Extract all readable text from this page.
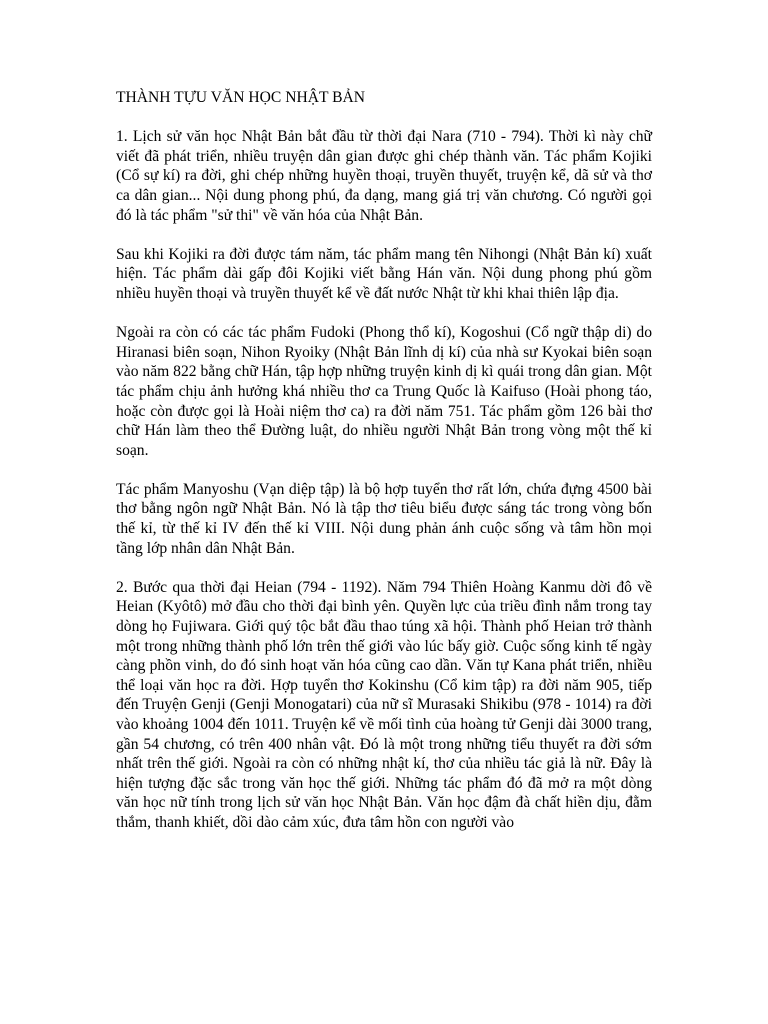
THÀNH TỰU VĂN HỌC NHẬT BẢN

1. Lịch sử văn học Nhật Bản bắt đầu từ thời đại Nara (710 - 794). Thời kì này chữ viết đã phát triển, nhiều truyện dân gian được ghi chép thành văn. Tác phẩm Kojiki (Cổ sự kí) ra đời, ghi chép những huyền thoại, truyền thuyết, truyện kể, dã sử và thơ ca dân gian... Nội dung phong phú, đa dạng, mang giá trị văn chương. Có người gọi đó là tác phẩm "sử thi" về văn hóa của Nhật Bản.

Sau khi Kojiki ra đời được tám năm, tác phẩm mang tên Nihongi (Nhật Bản kí) xuất hiện. Tác phẩm dài gấp đôi Kojiki viết bằng Hán văn. Nội dung phong phú gồm nhiều huyền thoại và truyền thuyết kể về đất nước Nhật từ khi khai thiên lập địa.

Ngoài ra còn có các tác phẩm Fudoki (Phong thổ kí), Kogoshui (Cổ ngữ thập di) do Hiranasi biên soạn, Nihon Ryoiky (Nhật Bản lĩnh dị kí) của nhà sư Kyokai biên soạn vào năm 822 bằng chữ Hán, tập hợp những truyện kinh dị kì quái trong dân gian. Một tác phẩm chịu ảnh hưởng khá nhiều thơ ca Trung Quốc là Kaifuso (Hoài phong táo, hoặc còn được gọi là Hoài niệm thơ ca) ra đời năm 751. Tác phẩm gồm 126 bài thơ chữ Hán làm theo thể Đường luật, do nhiều người Nhật Bản trong vòng một thế kỉ soạn.

Tác phẩm Manyoshu (Vạn diệp tập) là bộ hợp tuyển thơ rất lớn, chứa đựng 4500 bài thơ bằng ngôn ngữ Nhật Bản. Nó là tập thơ tiêu biểu được sáng tác trong vòng bốn thế kỉ, từ thế kỉ IV đến thế kỉ VIII. Nội dung phản ánh cuộc sống và tâm hồn mọi tầng lớp nhân dân Nhật Bản.

2. Bước qua thời đại Heian (794 - 1192). Năm 794 Thiên Hoàng Kanmu dời đô về Heian (Kyôtô) mở đầu cho thời đại bình yên. Quyền lực của triều đình nắm trong tay dòng họ Fujiwara. Giới quý tộc bắt đầu thao túng xã hội. Thành phố Heian trở thành một trong những thành phố lớn trên thế giới vào lúc bấy giờ. Cuộc sống kinh tế ngày càng phồn vinh, do đó sinh hoạt văn hóa cũng cao dần. Văn tự Kana phát triển, nhiều thể loại văn học ra đời. Hợp tuyển thơ Kokinshu (Cổ kim tập) ra đời năm 905, tiếp đến Truyện Genji (Genji Monogatari) của nữ sĩ Murasaki Shikibu (978 - 1014) ra đời vào khoảng 1004 đến 1011. Truyện kể về mối tình của hoàng tử Genji dài 3000 trang, gần 54 chương, có trên 400 nhân vật. Đó là một trong những tiểu thuyết ra đời sớm nhất trên thế giới. Ngoài ra còn có những nhật kí, thơ của nhiều tác giả là nữ. Đây là hiện tượng đặc sắc trong văn học thế giới. Những tác phẩm đó đã mở ra một dòng văn học nữ tính trong lịch sử văn học Nhật Bản. Văn học đậm đà chất hiền dịu, đằm thắm, thanh khiết, dồi dào cảm xúc, đưa tâm hồn con người vào
